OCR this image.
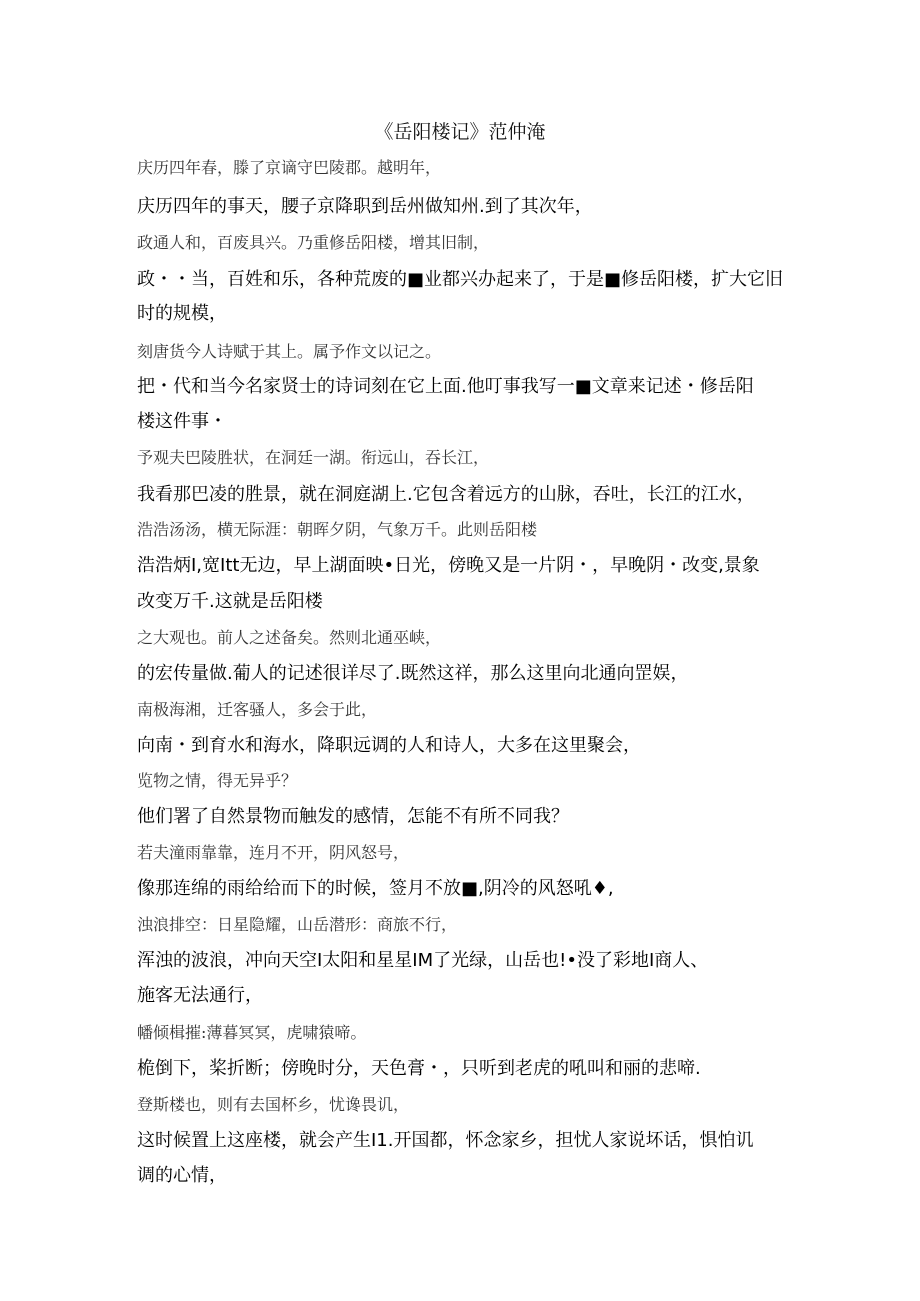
《岳阳楼记》范仲淹
庆历四年春，滕了京谪守巴陵郡。越明年，
庆历四年的事天，腰子京降职到岳州做知州.到了其次年，
政通人和，百废具兴。乃重修岳阳楼，增其旧制，
政・・当，百姓和乐，各种荒废的■业都兴办起来了，于是■修岳阳楼，扩大它旧
时的规模，
刻唐货今人诗赋于其上。属予作文以记之。
把・代和当今名家贤士的诗词刻在它上面.他叮事我写一■文章来记述・修岳阳
楼这件事・
予观夫巴陵胜状，在洞廷一湖。衔远山，吞长江，
我看那巴凌的胜景，就在洞庭湖上.它包含着远方的山脉，吞吐，长江的江水，
浩浩汤汤，横无际涯：朝晖夕阴，气象万千。此则岳阳楼
浩浩炳I,宽Itt无边，早上湖面映•日光，傍晚又是一片阴・，早晚阴・改变,景象
改变万千.这就是岳阳楼
之大观也。前人之述备矣。然则北通巫峡，
的宏传量做.葡人的记述很详尽了.既然这祥，那么这里向北通向罡娱，
南极海湘，迁客骚人，多会于此，
向南・到育水和海水，降职远调的人和诗人，大多在这里聚会，
览物之情，得无异乎？
他们署了自然景物而触发的感情，怎能不有所不同我？
若夫潼雨靠靠，连月不开，阴风怒号，
像那连绵的雨给给而下的时候，签月不放■,阴冷的风怒吼♦,
浊浪排空：日星隐耀，山岳潜形：商旅不行，
浑浊的波浪，冲向天空I太阳和星星IM了光绿，山岳也!•没了彩地I商人、
施客无法通行，
幡倾楫摧:薄暮冥冥，虎啸猿啼。
桅倒下，桨折断；傍晚时分，天色膏・，只听到老虎的吼叫和丽的悲啼.
登斯楼也，则有去国杯乡，忧谗畏讥，
这时候置上这座楼，就会产生I1.开国都，怀念家乡，担忧人家说坏话，惧怕讥
调的心情，
